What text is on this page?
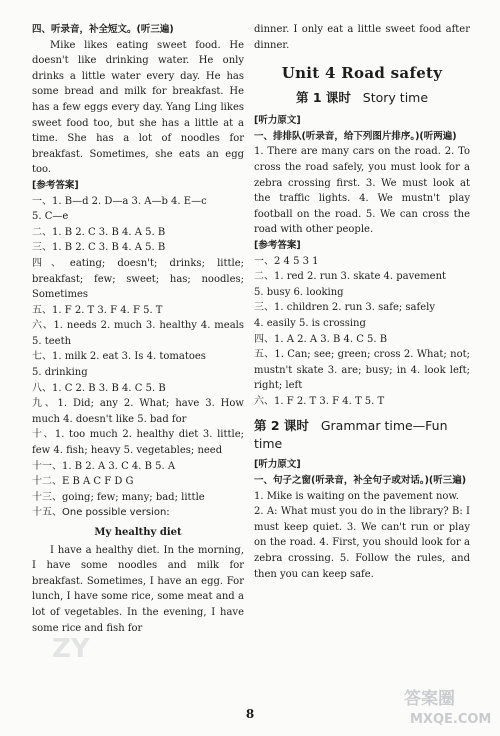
四、听录音，补全短文。(听三遍)

Mike likes eating sweet food. He doesn't like drinking water. He only drinks a little water every day. He has some bread and milk for breakfast. He has a few eggs every day. Yang Ling likes sweet food too, but she has a little at a time. She has a lot of noodles for breakfast. Sometimes, she eats an egg too.

[参考答案]

一、1. B—d 2. D—a 3. A—b 4. E—c

5. C—e

二、1. B 2. C 3. B 4. A 5. B

三、1. B 2. C 3. B 4. A 5. B

四、eating; doesn't; drinks; little; breakfast; few; sweet; has; noodles; Sometimes

五、1. F 2. T 3. F 4. F 5. T

六、1. needs 2. much 3. healthy 4. meals 5. teeth

七、1. milk 2. eat 3. Is 4. tomatoes

5. drinking

八、1. C 2. B 3. B 4. C 5. B

九、1. Did; any 2. What; have 3. How much 4. doesn't like 5. bad for

十、1. too much 2. healthy diet 3. little; few 4. fish; heavy 5. vegetables; need

十一、1. B 2. A 3. C 4. B 5. A

十二、E B A C F D G

十三、going; few; many; bad; little

十五、One possible version:

My healthy diet

I have a healthy diet. In the morning, I have some noodles and milk for breakfast. Sometimes, I have an egg. For lunch, I have some rice, some meat and a lot of vegetables. In the evening, I have some rice and fish for

dinner. I only eat a little sweet food after dinner.

Unit 4 Road safety
第 1 课时 Story time
[听力原文]

一、排排队(听录音，给下列图片排序。)(听两遍)

1. There are many cars on the road. 2. To cross the road safely, you must look for a zebra crossing first. 3. We must look at the traffic lights. 4. We mustn't play football on the road. 5. We can cross the road with other people.

[参考答案]

一、2 4 5 3 1

二、1. red 2. run 3. skate 4. pavement

5. busy 6. looking

三、1. children 2. run 3. safe; safely

4. easily 5. is crossing

四、1. A 2. A 3. B 4. C 5. B

五、1. Can; see; green; cross 2. What; not; mustn't skate 3. are; busy; in 4. look left; right; left

六、1. F 2. T 3. F 4. T 5. T

第 2 课时 Grammar time—Fun time
[听力原文]

一、句子之窗(听录音，补全句子或对话。)(听三遍)

1. Mike is waiting on the pavement now.

2. A: What must you do in the library? B: I must keep quiet. 3. We can't run or play on the road. 4. First, you should look for a zebra crossing. 5. Follow the rules, and then you can keep safe.

8
ZY
答案圈
MXQE.COM
